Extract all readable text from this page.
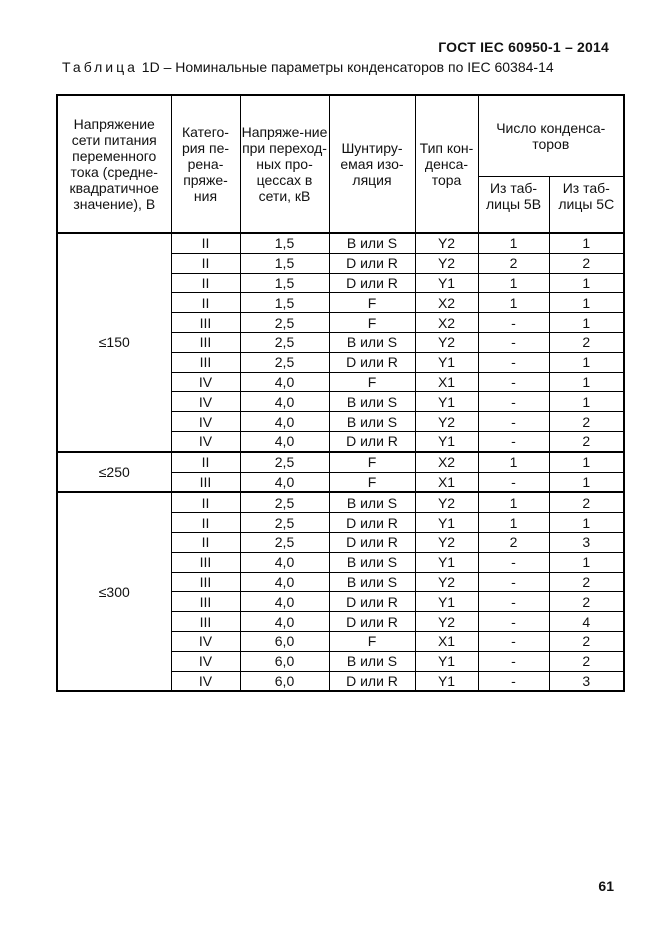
ГОСТ IEC 60950-1 – 2014
Таблица 1D – Номинальные параметры конденсаторов по IEC 60384-14
Напряжение сети питания переменного тока (средне-квадратичное значение), В	Катего-рия пе-рена-пряже-ния	Напряже-ние при переход-ных про-цессах в сети, кВ	Шунтиру-емая изо-ляция	Тип кон-денса-тора	Число конденса-торов	
					Из таб-лицы 5В	Из таб-лицы 5С
≤150	II	1,5	B или S	Y2	1	1
	II	1,5	D или R	Y2	2	2
	II	1,5	D или R	Y1	1	1
	II	1,5	F	X2	1	1
	III	2,5	F	X2	-	1
	III	2,5	B или S	Y2	-	2
	III	2,5	D или R	Y1	-	1
	IV	4,0	F	X1	-	1
	IV	4,0	B или S	Y1	-	1
	IV	4,0	B или S	Y2	-	2
	IV	4,0	D или R	Y1	-	2
≤250	II	2,5	F	X2	1	1
	III	4,0	F	X1	-	1
≤300	II	2,5	B или S	Y2	1	2
	II	2,5	D или R	Y1	1	1
	II	2,5	D или R	Y2	2	3
	III	4,0	B или S	Y1	-	1
	III	4,0	B или S	Y2	-	2
	III	4,0	D или R	Y1	-	2
	III	4,0	D или R	Y2	-	4
	IV	6,0	F	X1	-	2
	IV	6,0	B или S	Y1	-	2
	IV	6,0	D или R	Y1	-	3
61
